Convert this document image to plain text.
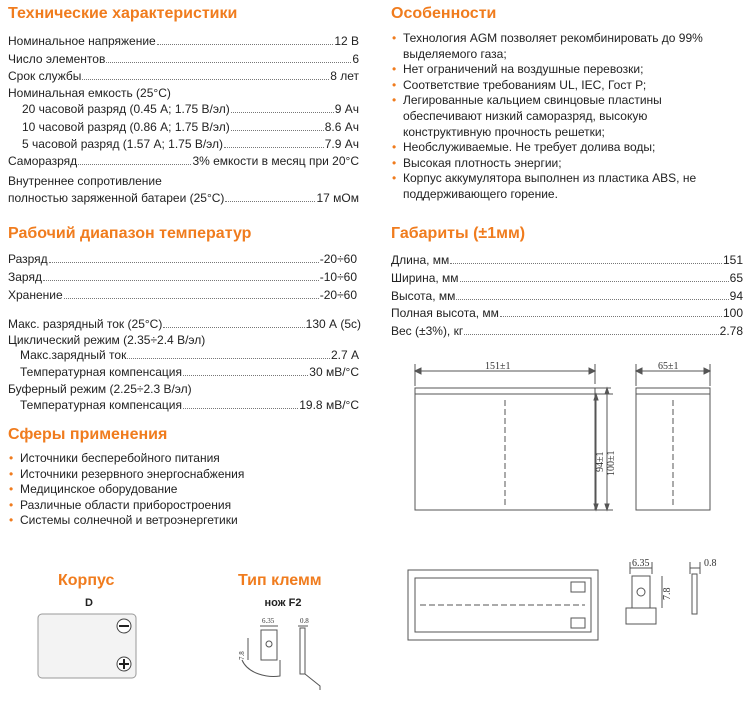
Технические характеристики
Номинальное напряжение	12 В
Число элементов	6
Срок службы	8 лет
Номинальная емкость (25°C)
20 часовой разряд (0.45 A; 1.75 В/эл)	9 Ач
10 часовой разряд (0.86 A; 1.75 В/эл)	8.6 Ач
5 часовой разряд (1.57 A; 1.75 В/эл)	7.9 Ач
Саморазряд	3% емкости в месяц при 20°C
Внутреннее сопротивление
полностью заряженной батареи (25°C)	17 мОм
Особенности
• Технология AGM позволяет рекомбинировать до 99% выделяемого газа;
• Нет ограничений на воздушные перевозки;
• Соответствие требованиям UL, IEC, Гост Р;
• Легированные кальцием свинцовые пластины обеспечивают низкий саморазряд, высокую конструктивную прочность решетки;
• Необслуживаемые. Не требует долива воды;
• Высокая плотность энергии;
• Корпус аккумулятора выполнен из пластика ABS, не поддерживающего горение.
Рабочий диапазон температур
Разряд	-20÷60
Заряд	-10÷60
Хранение	-20÷60
Макс. разрядный ток (25°C)	130 А (5с)
Циклический режим (2.35÷2.4 В/эл)
Макс.зарядный ток	2.7 А
Температурная компенсация	30 мВ/°C
Буферный режим (2.25÷2.3 В/эл)
Температурная компенсация	19.8 мВ/°C
Сферы применения
• Источники бесперебойного питания
• Источники резервного энергоснабжения
• Медицинское оборудование
• Различные области приборостроения
• Системы солнечной и ветроэнергетики
Габариты (±1мм)
Длина, мм	151
Ширина, мм	65
Высота, мм	94
Полная высота, мм	100
Вес (±3%), кг	2.78
151±1
94±1 100±1
65±1
6.35
7.8
0.8
Корпус
D
Тип клемм
нож F2
6.35
7.8
0.8
